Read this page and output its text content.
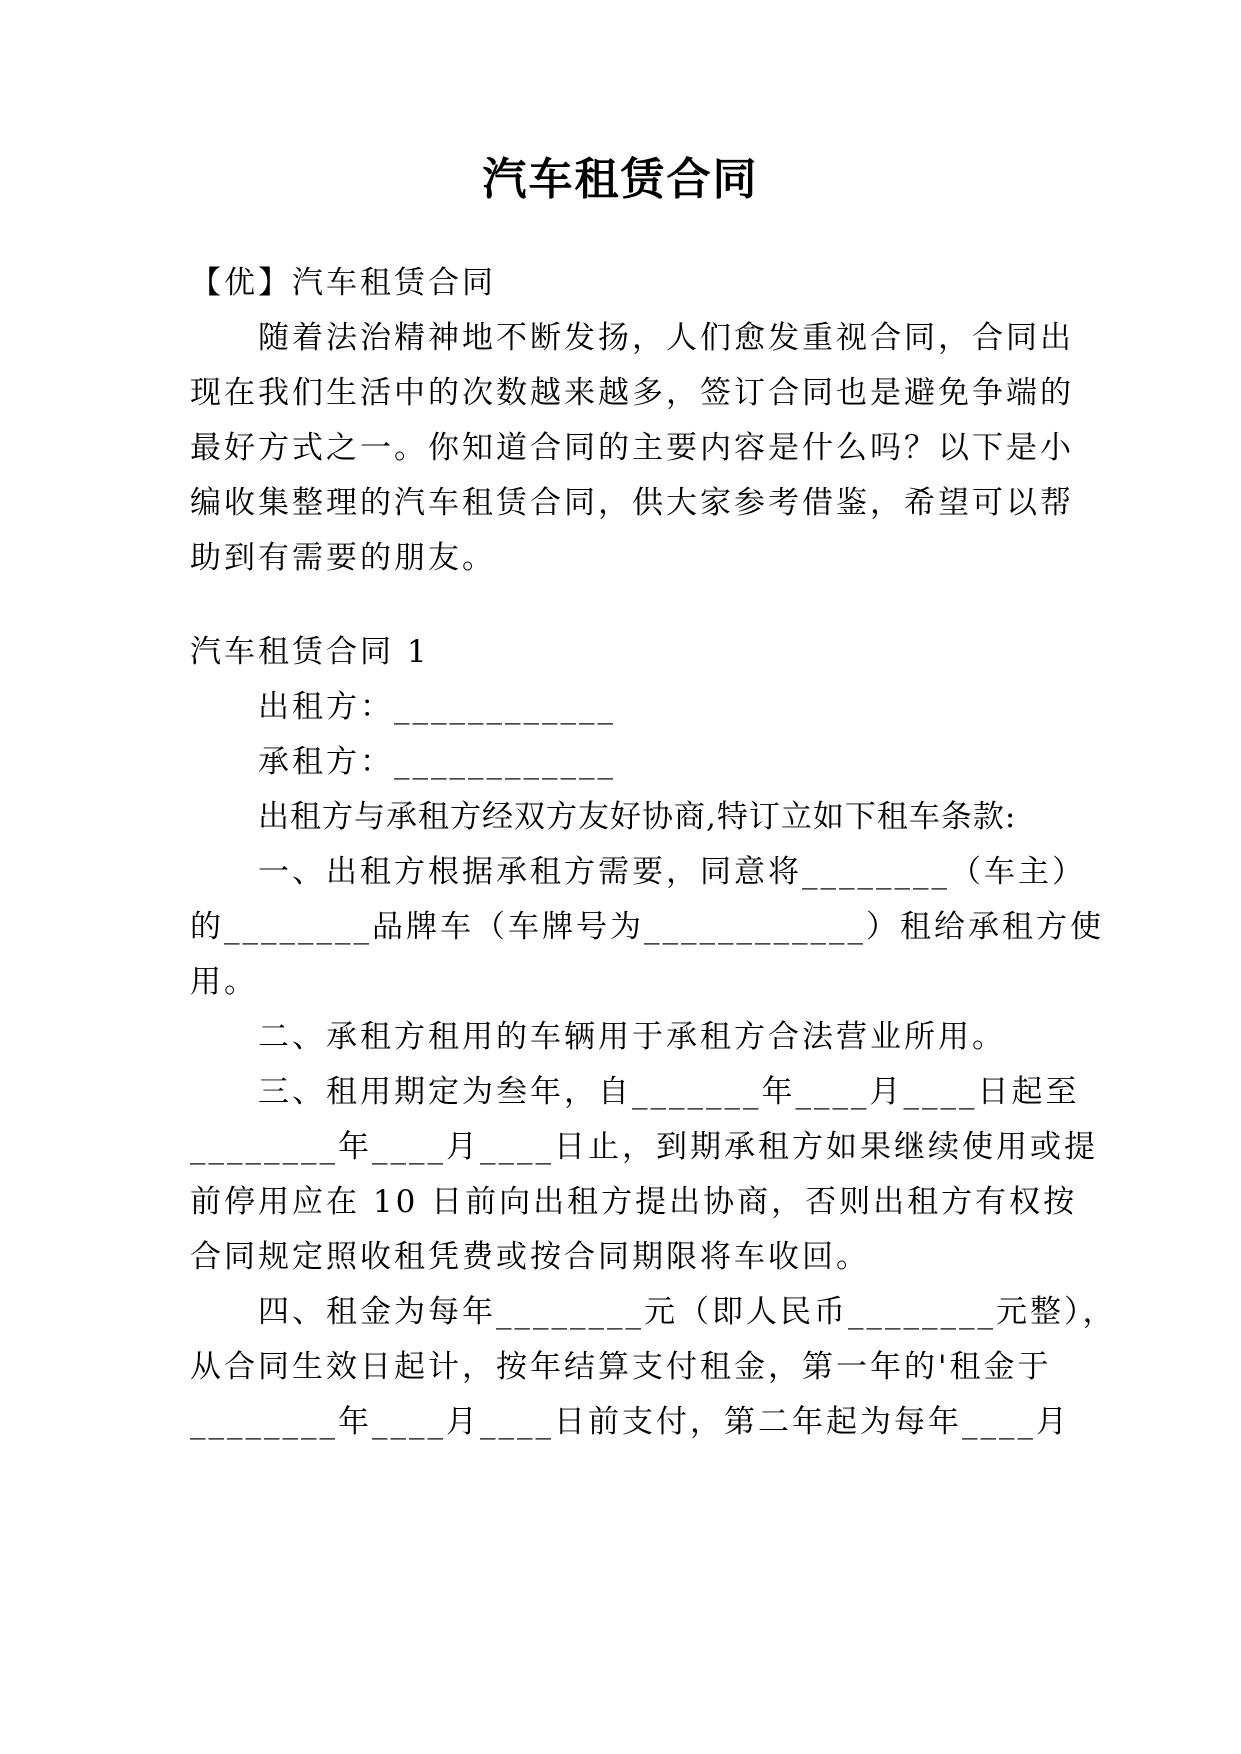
汽车租赁合同
【优】汽车租赁合同
随着法治精神地不断发扬，人们愈发重视合同，合同出
现在我们生活中的次数越来越多，签订合同也是避免争端的
最好方式之一。你知道合同的主要内容是什么吗？以下是小
编收集整理的汽车租赁合同，供大家参考借鉴，希望可以帮
助到有需要的朋友。
汽车租赁合同 1
出租方：____________
承租方：____________
出租方与承租方经双方友好协商,特订立如下租车条款:
一、出租方根据承租方需要，同意将________（车主）
的________品牌车（车牌号为____________）租给承租方使
用。
二、承租方租用的车辆用于承租方合法营业所用。
三、租用期定为叁年，自_______年____月____日起至
________年____月____日止，到期承租方如果继续使用或提
前停用应在 10 日前向出租方提出协商，否则出租方有权按
合同规定照收租凭费或按合同期限将车收回。
四、租金为每年________元（即人民币________元整），
从合同生效日起计，按年结算支付租金，第一年的'租金于
________年____月____日前支付，第二年起为每年____月
